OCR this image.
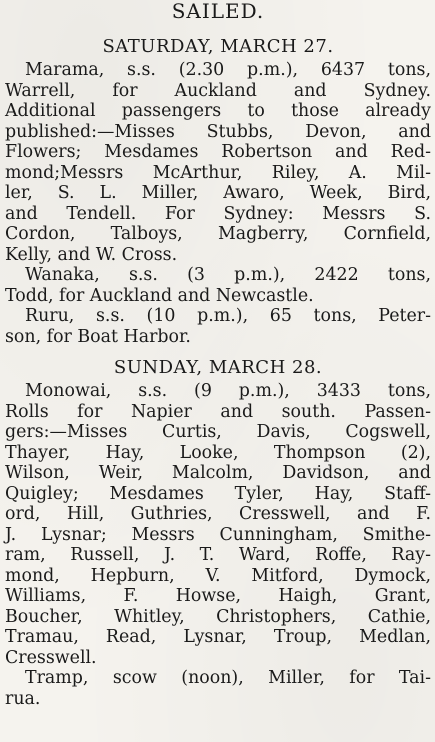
SAILED.
SATURDAY, MARCH 27.

Marama, s.s. (2.30 p.m.), 6437 tons,
Warrell, for Auckland and Sydney.
Additional passengers to those already
published:—Misses Stubbs, Devon, and
Flowers; Mesdames Robertson and Red-
mond;Messrs McArthur, Riley, A. Mil-
ler, S. L. Miller, Awaro, Week, Bird,
and Tendell. For Sydney: Messrs S.
Cordon, Talboys, Magberry, Cornfield,
Kelly, and W. Cross.

Wanaka, s.s. (3 p.m.), 2422 tons,
Todd, for Auckland and Newcastle.

Ruru, s.s. (10 p.m.), 65 tons, Peter-
son, for Boat Harbor.

SUNDAY, MARCH 28.

Monowai, s.s. (9 p.m.), 3433 tons,
Rolls for Napier and south. Passen-
gers:—Misses Curtis, Davis, Cogswell,
Thayer, Hay, Looke, Thompson (2),
Wilson, Weir, Malcolm, Davidson, and
Quigley; Mesdames Tyler, Hay, Staff-
ord, Hill, Guthries, Cresswell, and F.
J. Lysnar; Messrs Cunningham, Smithe-
ram, Russell, J. T. Ward, Roffe, Ray-
mond, Hepburn, V. Mitford, Dymock,
Williams, F. Howse, Haigh, Grant,
Boucher, Whitley, Christophers, Cathie,
Tramau, Read, Lysnar, Troup, Medlan,
Cresswell.

Tramp, scow (noon), Miller, for Tai-
rua.
